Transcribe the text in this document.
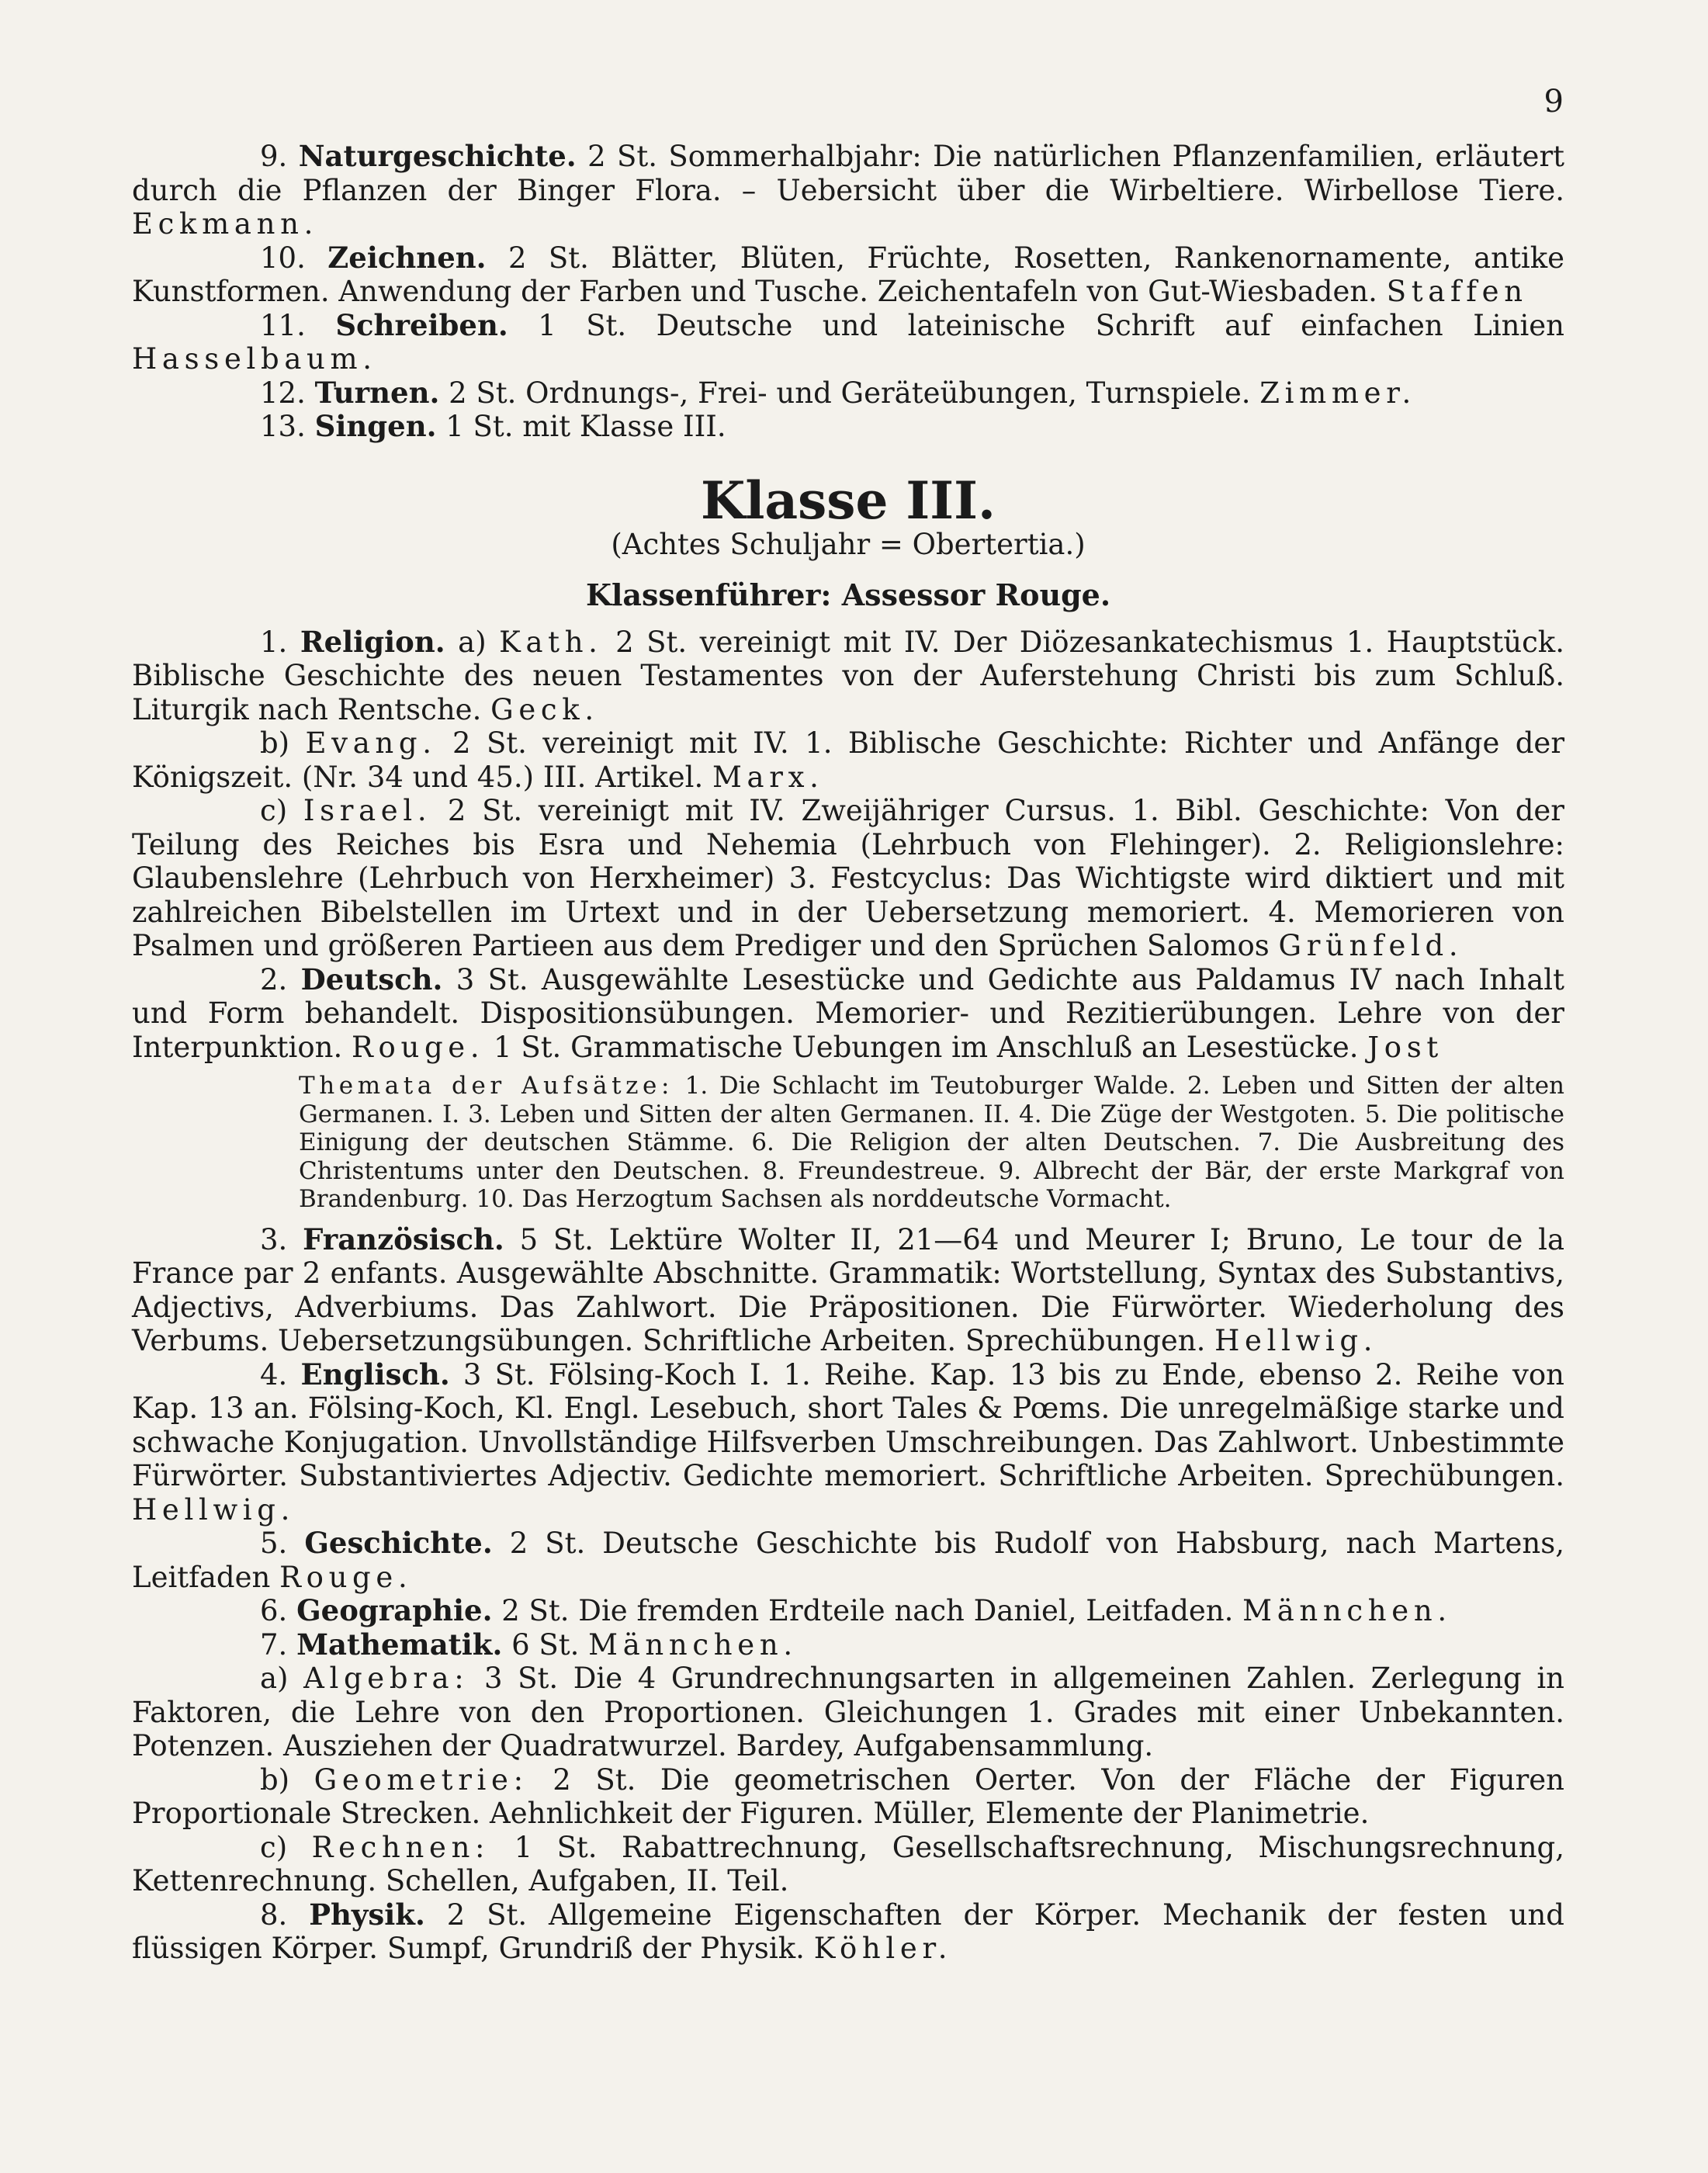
9

9. Naturgeschichte. 2 St. Sommerhalbjahr: Die natürlichen Pflanzenfamilien, erläutert durch die Pflanzen der Binger Flora. – Uebersicht über die Wirbeltiere. Wirbellose Tiere. Eckmann.

10. Zeichnen. 2 St. Blätter, Blüten, Früchte, Rosetten, Rankenornamente, antike Kunstformen. Anwendung der Farben und Tusche. Zeichentafeln von Gut-Wiesbaden. Staffen

11. Schreiben. 1 St. Deutsche und lateinische Schrift auf einfachen Linien Hasselbaum.

12. Turnen. 2 St. Ordnungs-, Frei- und Geräteübungen, Turnspiele. Zimmer.

13. Singen. 1 St. mit Klasse III.

Klasse III.
(Achtes Schuljahr = Obertertia.)
Klassenführer: Assessor Rouge.

1. Religion. a) Kath. 2 St. vereinigt mit IV. Der Diözesankatechismus 1. Hauptstück. Biblische Geschichte des neuen Testamentes von der Auferstehung Christi bis zum Schluß. Liturgik nach Rentsche. Geck.

b) Evang. 2 St. vereinigt mit IV. 1. Biblische Geschichte: Richter und Anfänge der Königszeit. (Nr. 34 und 45.) III. Artikel. Marx.

c) Israel. 2 St. vereinigt mit IV. Zweijähriger Cursus. 1. Bibl. Geschichte: Von der Teilung des Reiches bis Esra und Nehemia (Lehrbuch von Flehinger). 2. Religionslehre: Glaubenslehre (Lehrbuch von Herxheimer) 3. Festcyclus: Das Wichtigste wird diktiert und mit zahlreichen Bibelstellen im Urtext und in der Uebersetzung memoriert. 4. Memorieren von Psalmen und größeren Partieen aus dem Prediger und den Sprüchen Salomos Grünfeld.

2. Deutsch. 3 St. Ausgewählte Lesestücke und Gedichte aus Paldamus IV nach Inhalt und Form behandelt. Dispositionsübungen. Memorier- und Rezitierübungen. Lehre von der Interpunktion. Rouge. 1 St. Grammatische Uebungen im Anschluß an Lesestücke. Jost

Themata der Aufsätze: 1. Die Schlacht im Teutoburger Walde. 2. Leben und Sitten der alten Germanen. I. 3. Leben und Sitten der alten Germanen. II. 4. Die Züge der Westgoten. 5. Die politische Einigung der deutschen Stämme. 6. Die Religion der alten Deutschen. 7. Die Ausbreitung des Christentums unter den Deutschen. 8. Freundestreue. 9. Albrecht der Bär, der erste Markgraf von Brandenburg. 10. Das Herzogtum Sachsen als norddeutsche Vormacht.

3. Französisch. 5 St. Lektüre Wolter II, 21—64 und Meurer I; Bruno, Le tour de la France par 2 enfants. Ausgewählte Abschnitte. Grammatik: Wortstellung, Syntax des Substantivs, Adjectivs, Adverbiums. Das Zahlwort. Die Präpositionen. Die Fürwörter. Wiederholung des Verbums. Uebersetzungsübungen. Schriftliche Arbeiten. Sprechübungen. Hellwig.

4. Englisch. 3 St. Fölsing-Koch I. 1. Reihe. Kap. 13 bis zu Ende, ebenso 2. Reihe von Kap. 13 an. Fölsing-Koch, Kl. Engl. Lesebuch, short Tales & Pœms. Die unregelmäßige starke und schwache Konjugation. Unvollständige Hilfsverben Umschreibungen. Das Zahlwort. Unbestimmte Fürwörter. Substantiviertes Adjectiv. Gedichte memoriert. Schriftliche Arbeiten. Sprechübungen. Hellwig.

5. Geschichte. 2 St. Deutsche Geschichte bis Rudolf von Habsburg, nach Martens, Leitfaden Rouge.

6. Geographie. 2 St. Die fremden Erdteile nach Daniel, Leitfaden. Männchen.

7. Mathematik. 6 St. Männchen.

a) Algebra: 3 St. Die 4 Grundrechnungsarten in allgemeinen Zahlen. Zerlegung in Faktoren, die Lehre von den Proportionen. Gleichungen 1. Grades mit einer Unbekannten. Potenzen. Ausziehen der Quadratwurzel. Bardey, Aufgabensammlung.

b) Geometrie: 2 St. Die geometrischen Oerter. Von der Fläche der Figuren Proportionale Strecken. Aehnlichkeit der Figuren. Müller, Elemente der Planimetrie.

c) Rechnen: 1 St. Rabattrechnung, Gesellschaftsrechnung, Mischungsrechnung, Kettenrechnung. Schellen, Aufgaben, II. Teil.

8. Physik. 2 St. Allgemeine Eigenschaften der Körper. Mechanik der festen und flüssigen Körper. Sumpf, Grundriß der Physik. Köhler.
